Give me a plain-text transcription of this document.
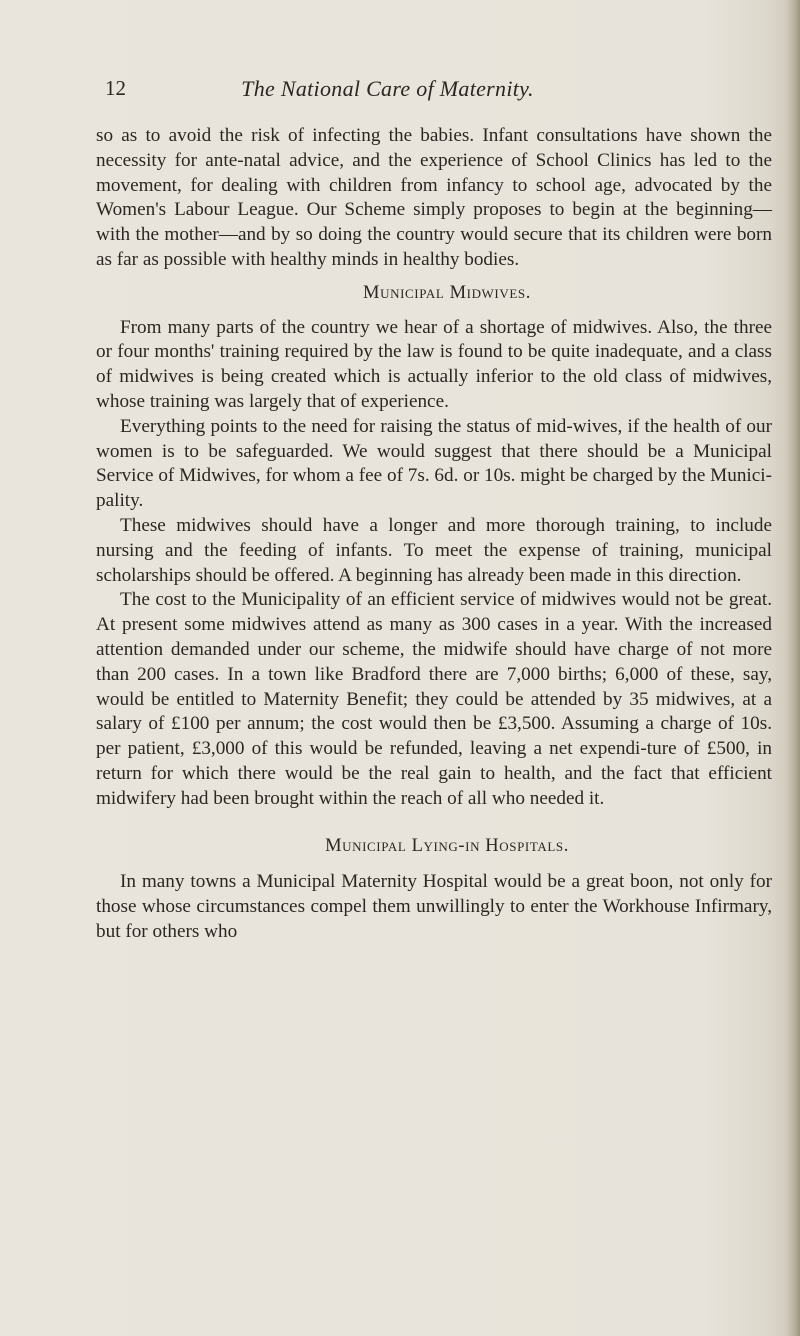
12	The National Care of Maternity.

so as to avoid the risk of infecting the babies. Infant consultations have shown the necessity for ante-natal advice, and the experience of School Clinics has led to the movement, for dealing with children from infancy to school age, advocated by the Women's Labour League. Our Scheme simply proposes to begin at the beginning— with the mother—and by so doing the country would secure that its children were born as far as possible with healthy minds in healthy bodies.

Municipal Midwives.

From many parts of the country we hear of a shortage of midwives. Also, the three or four months' training required by the law is found to be quite inadequate, and a class of midwives is being created which is actually inferior to the old class of midwives, whose training was largely that of experience.

Everything points to the need for raising the status of mid-wives, if the health of our women is to be safeguarded. We would suggest that there should be a Municipal Service of Midwives, for whom a fee of 7s. 6d. or 10s. might be charged by the Munici-pality.

These midwives should have a longer and more thorough training, to include nursing and the feeding of infants. To meet the expense of training, municipal scholarships should be offered. A beginning has already been made in this direction.

The cost to the Municipality of an efficient service of midwives would not be great. At present some midwives attend as many as 300 cases in a year. With the increased attention demanded under our scheme, the midwife should have charge of not more than 200 cases. In a town like Bradford there are 7,000 births; 6,000 of these, say, would be entitled to Maternity Benefit; they could be attended by 35 midwives, at a salary of £100 per annum; the cost would then be £3,500. Assuming a charge of 10s. per patient, £3,000 of this would be refunded, leaving a net expendi-ture of £500, in return for which there would be the real gain to health, and the fact that efficient midwifery had been brought within the reach of all who needed it.

Municipal Lying-in Hospitals.

In many towns a Municipal Maternity Hospital would be a great boon, not only for those whose circumstances compel them unwillingly to enter the Workhouse Infirmary, but for others who
